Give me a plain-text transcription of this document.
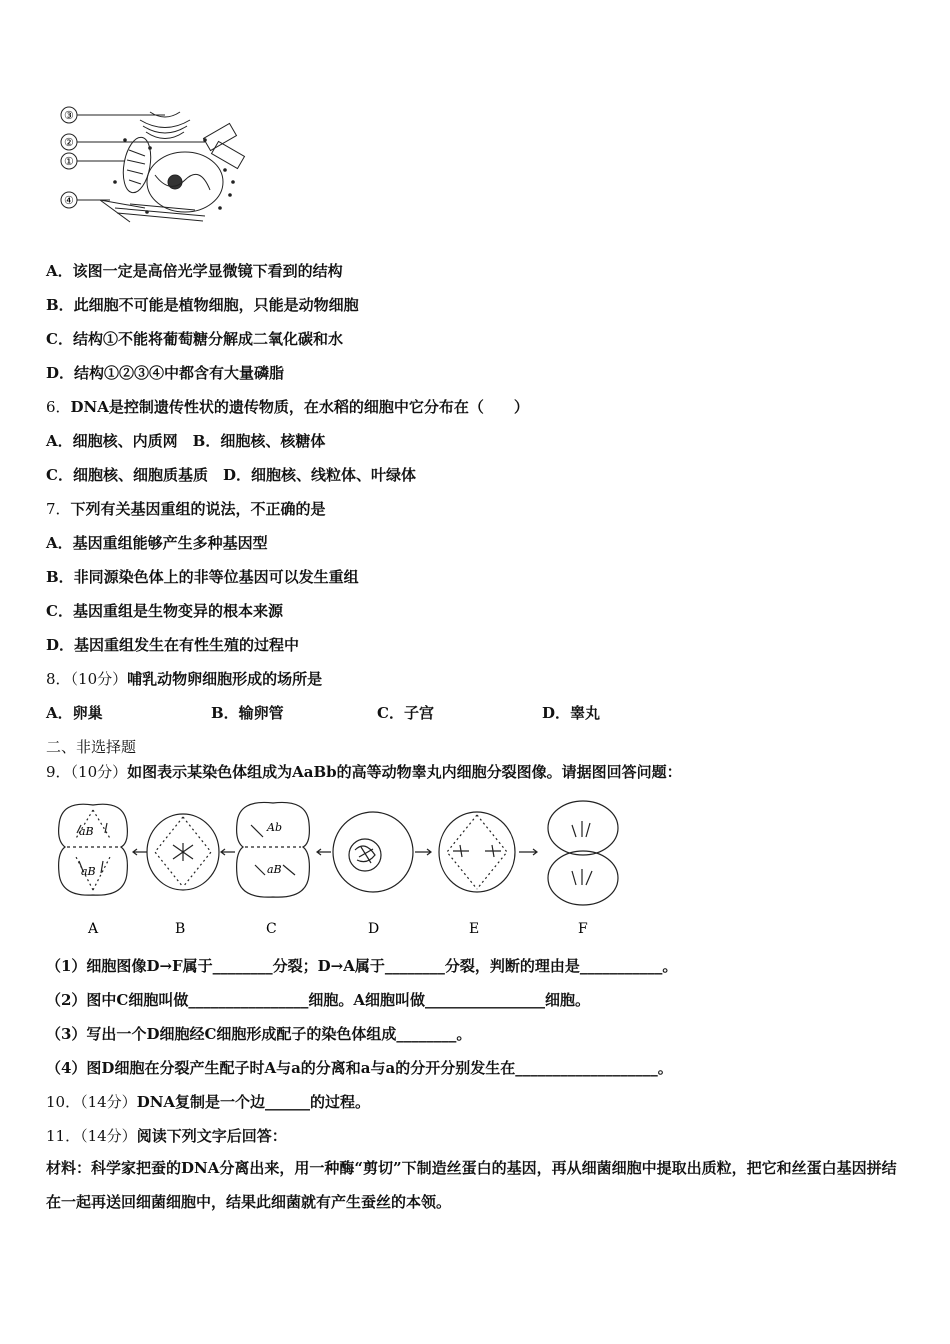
③
②
①
④
A．该图一定是高倍光学显微镜下看到的结构
B．此细胞不可能是植物细胞，只能是动物细胞
C．结构①不能将葡萄糖分解成二氧化碳和水
D．结构①②③④中都含有大量磷脂
6．DNA是控制遗传性状的遗传物质，在水稻的细胞中它分布在（　　）
A．细胞核、内质网　B．细胞核、核糖体
C．细胞核、细胞质基质　D．细胞核、线粒体、叶绿体
7．下列有关基因重组的说法，不正确的是
A．基因重组能够产生多种基因型
B．非同源染色体上的非等位基因可以发生重组
C．基因重组是生物变异的根本来源
D．基因重组发生在有性生殖的过程中
8．（10分）哺乳动物卵细胞形成的场所是
A．卵巢	B．输卵管	C．子宫	D．睾丸
二、非选择题
9．（10分）如图表示某染色体组成为AaBb的高等动物睾丸内细胞分裂图像。请据图回答问题：
aB
aB
Ab
aB
A	B	C	D	E	F
（1）细胞图像D→F属于________分裂；D→A属于________分裂，判断的理由是___________。
（2）图中C细胞叫做________________细胞。A细胞叫做________________细胞。
（3）写出一个D细胞经C细胞形成配子的染色体组成________。
（4）图D细胞在分裂产生配子时A与a的分离和a与a的分开分别发生在___________________。
10．（14分）DNA复制是一个边______的过程。
11．（14分）阅读下列文字后回答：
材料：科学家把蚕的DNA分离出来，用一种酶“剪切”下制造丝蛋白的基因，再从细菌细胞中提取出质粒，把它和丝蛋白基因拼结在一起再送回细菌细胞中，结果此细菌就有产生蚕丝的本领。
